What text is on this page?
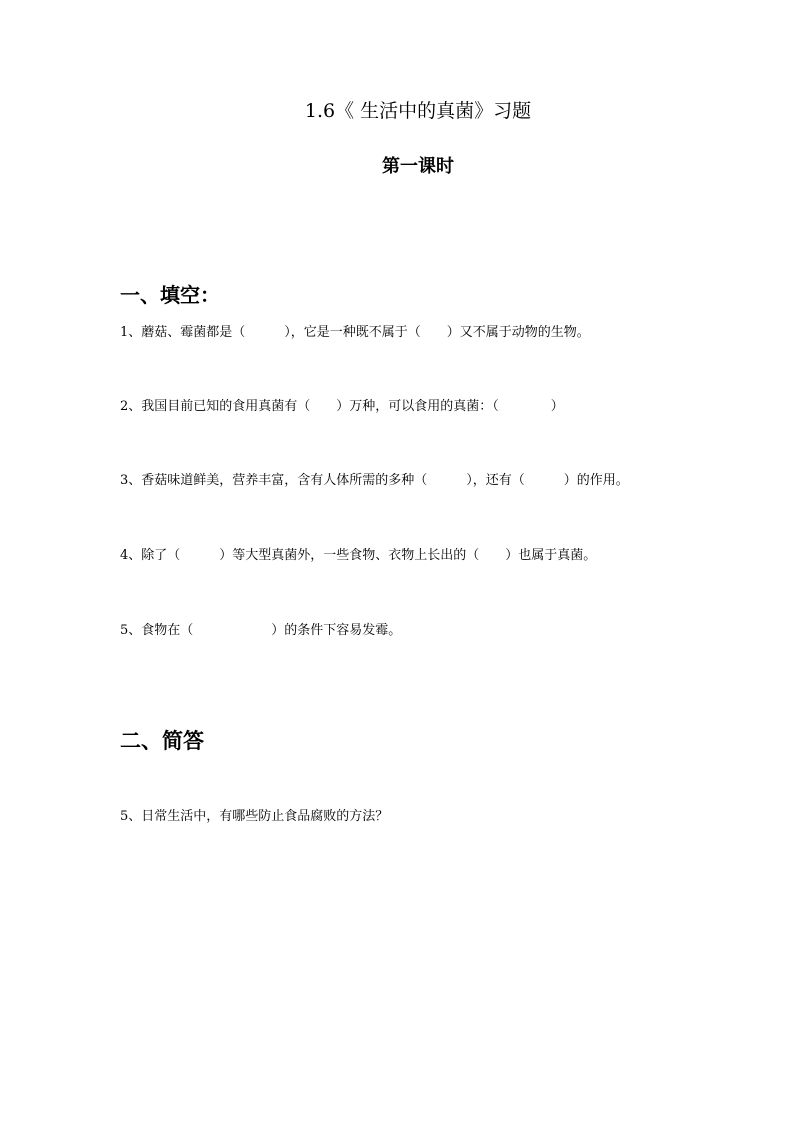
1.6《 生活中的真菌》习题
第一课时
一、填空：
1、蘑菇、霉菌都是（　　　），它是一种既不属于（　　）又不属于动物的生物。
2、我国目前已知的食用真菌有（　　）万种，可以食用的真菌：（　　　　）
3、香菇味道鲜美，营养丰富，含有人体所需的多种（　　　），还有（　　　）的作用。
4、除了（　　　）等大型真菌外，一些食物、衣物上长出的（　　）也属于真菌。
5、食物在（　　　　　　）的条件下容易发霉。
二、简答
5、日常生活中，有哪些防止食品腐败的方法？
